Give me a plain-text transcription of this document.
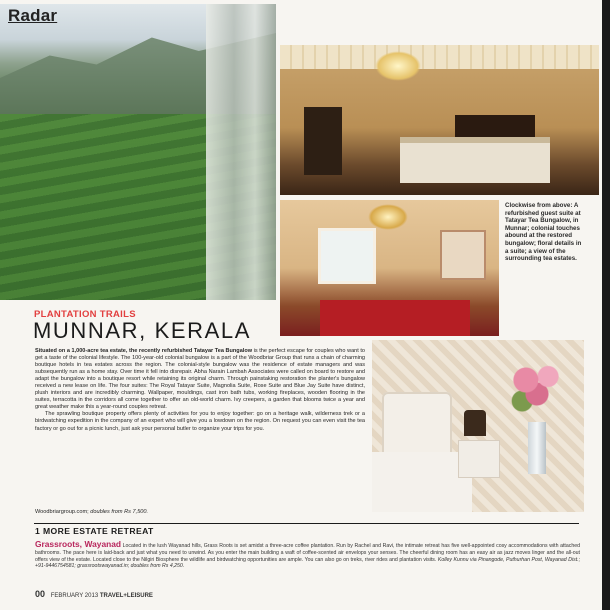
Radar
Clockwise from above: A refurbished guest suite at Tatayar Tea Bungalow, in Munnar; colonial touches abound at the restored bungalow; floral details in a suite; a view of the surrounding tea estates.
PLANTATION TRAILS
MUNNAR, KERALA

Situated on a 1,000-acre tea estate, the recently refurbished Tatayar Tea Bungalow is the perfect escape for couples who want to get a taste of the colonial lifestyle. The 100-year-old colonial bungalow is a part of the Woodbriar Group that runs a chain of charming boutique hotels in tea estates across the region. The colonial-style bungalow was the residence of estate managers and was subsequently run as a home stay. Over time it fell into disrepair. Abha Narain Lambah Associates were called on board to restore and adapt the bungalow into a boutique resort while retaining its original charm. Through painstaking restoration the planter's bungalow received a new lease on life. The four suites: The Royal Tatayar Suite, Magnolia Suite, Rose Suite and Blue Jay Suite have distinct, plush interiors and are incredibly charming. Wallpaper, mouldings, cast iron bath tubs, working fireplaces, wooden flooring in the suites, terracotta in the corridors all come together to offer an old-world charm. Ivy creepers, a garden that blooms twice a year and great weather make this a year-round couples retreat.

The sprawling boutique property offers plenty of activities for you to enjoy together: go on a heritage walk, wilderness trek or a birdwatching expedition in the company of an expert who will give you a lowdown on the region. On request you can even visit the tea factory or go out for a picnic lunch, just ask your personal butler to organize your trips for you.

Woodbriargroup.com; doubles from Rs 7,500.
1 MORE ESTATE RETREAT
Grassroots, Wayanad Located in the lush Wayanad hills, Grass Roots is set amidst a three-acre coffee plantation. Run by Rachel and Ravi, the intimate retreat has five well-appointed cosy accommodations with attached bathrooms. The pace here is laid-back and just what you need to unwind. As you enter the main building a waft of coffee-scented air envelops your senses. The cheerful dining room has an easy air as jazz moves linger and the all-out offers view of the estate. Located close to the Nilgiri Biosphere the wildlife and birdwatching opportunities are ample. You can also go on treks, river rides and plantation visits. Kolley Kunnu via Pinangode, Puthurhan Post, Wayanad Dist.; +91-9446754581; grassrootswayanad.in; doubles from Rs 4,250.
00 FEBRUARY 2013 TRAVEL+LEISURE
